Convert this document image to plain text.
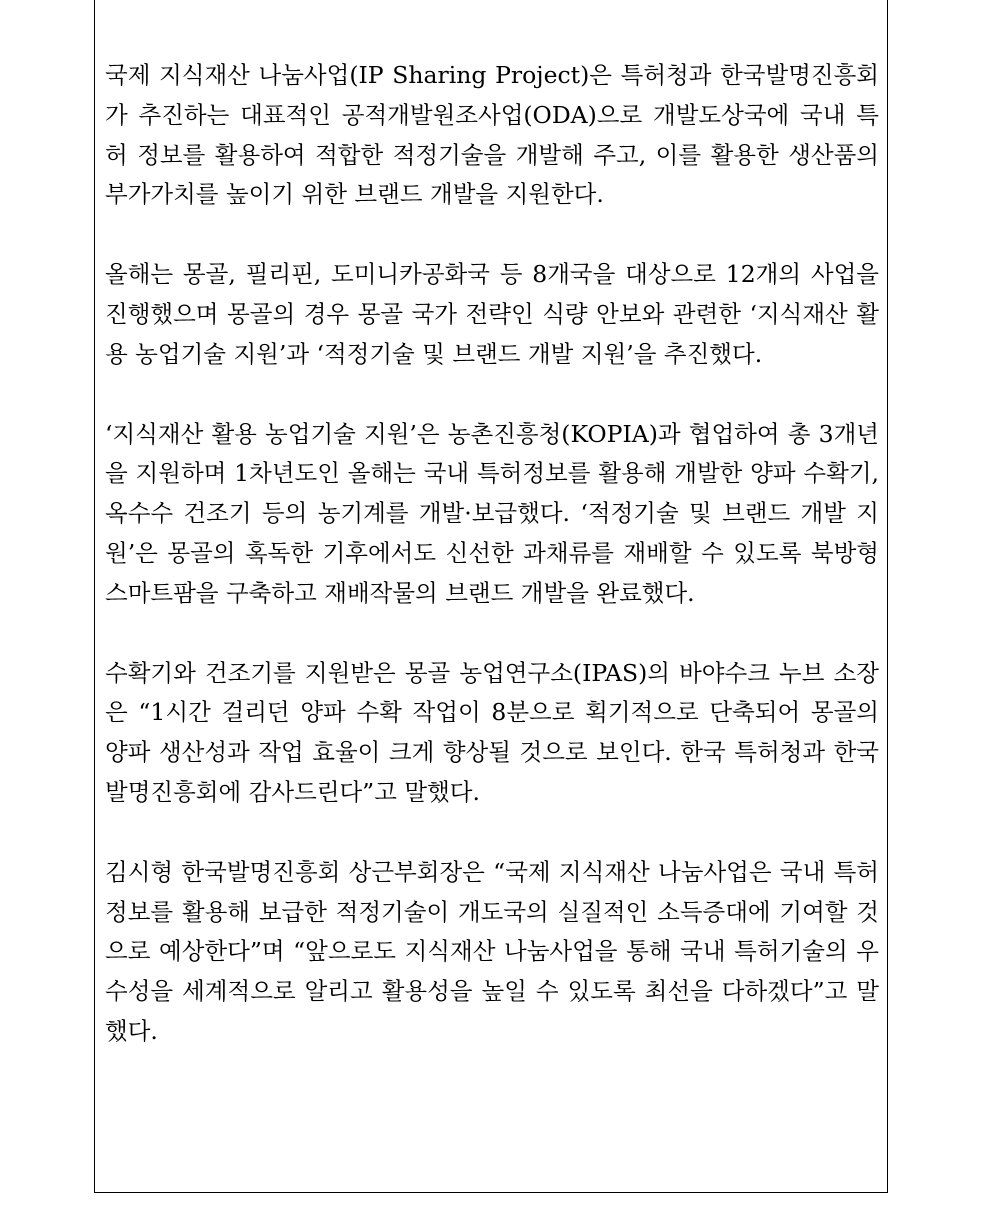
국제 지식재산 나눔사업(IP Sharing Project)은 특허청과 한국발명진흥회가 추진하는 대표적인 공적개발원조사업(ODA)으로 개발도상국에 국내 특허 정보를 활용하여 적합한 적정기술을 개발해 주고, 이를 활용한 생산품의 부가가치를 높이기 위한 브랜드 개발을 지원한다.

올해는 몽골, 필리핀, 도미니카공화국 등 8개국을 대상으로 12개의 사업을 진행했으며 몽골의 경우 몽골 국가 전략인 식량 안보와 관련한 ‘지식재산 활용 농업기술 지원’과 ‘적정기술 및 브랜드 개발 지원’을 추진했다.

‘지식재산 활용 농업기술 지원’은 농촌진흥청(KOPIA)과 협업하여 총 3개년을 지원하며 1차년도인 올해는 국내 특허정보를 활용해 개발한 양파 수확기, 옥수수 건조기 등의 농기계를 개발·보급했다. ‘적정기술 및 브랜드 개발 지원’은 몽골의 혹독한 기후에서도 신선한 과채류를 재배할 수 있도록 북방형 스마트팜을 구축하고 재배작물의 브랜드 개발을 완료했다.

수확기와 건조기를 지원받은 몽골 농업연구소(IPAS)의 바야수크 누브 소장은 “1시간 걸리던 양파 수확 작업이 8분으로 획기적으로 단축되어 몽골의 양파 생산성과 작업 효율이 크게 향상될 것으로 보인다. 한국 특허청과 한국발명진흥회에 감사드린다”고 말했다.

김시형 한국발명진흥회 상근부회장은 “국제 지식재산 나눔사업은 국내 특허정보를 활용해 보급한 적정기술이 개도국의 실질적인 소득증대에 기여할 것으로 예상한다”며 “앞으로도 지식재산 나눔사업을 통해 국내 특허기술의 우수성을 세계적으로 알리고 활용성을 높일 수 있도록 최선을 다하겠다”고 말했다.
